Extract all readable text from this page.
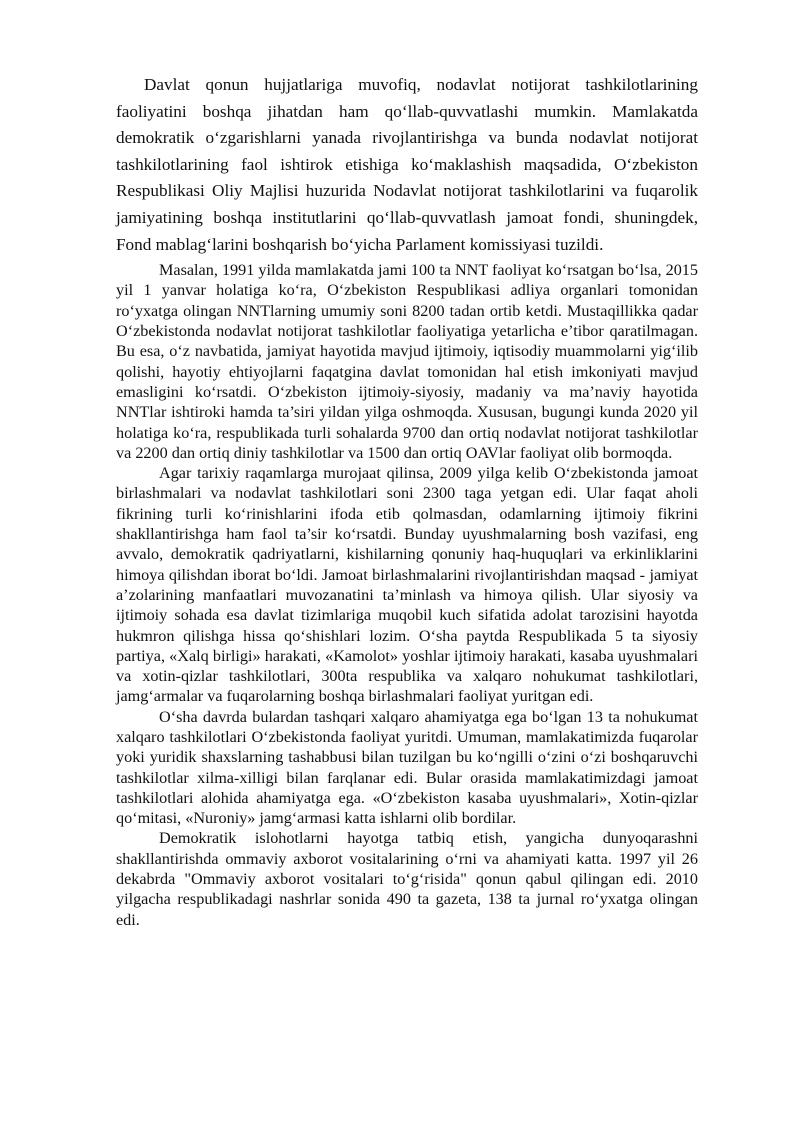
Davlat qonun hujjatlariga muvofiq, nodavlat notijorat tashkilotlarining faoliyatini boshqa jihatdan ham qo‘llab-quvvatlashi mumkin. Mamlakatda demokratik o‘zgarishlarni yanada rivojlantirishga va bunda nodavlat notijorat tashkilotlarining faol ishtirok etishiga ko‘maklashish maqsadida, O‘zbekiston Respublikasi Oliy Majlisi huzurida Nodavlat notijorat tashkilotlarini va fuqarolik jamiyatining boshqa institutlarini qo‘llab-quvvatlash jamoat fondi, shuningdek, Fond mablag‘larini boshqarish bo‘yicha Parlament komissiyasi tuzildi.

Masalan, 1991 yilda mamlakatda jami 100 ta NNT faoliyat ko‘rsatgan bo‘lsa, 2015 yil 1 yanvar holatiga ko‘ra, O‘zbekiston Respublikasi adliya organlari tomonidan ro‘yxatga olingan NNTlarning umumiy soni 8200 tadan ortib ketdi. Mustaqillikka qadar O‘zbekistonda nodavlat notijorat tashkilotlar faoliyatiga yetarlicha e’tibor qaratilmagan. Bu esa, o‘z navbatida, jamiyat hayotida mavjud ijtimoiy, iqtisodiy muammolarni yig‘ilib qolishi, hayotiy ehtiyojlarni faqatgina davlat tomonidan hal etish imkoniyati mavjud emasligini ko‘rsatdi. O‘zbekiston ijtimoiy-siyosiy, madaniy va ma’naviy hayotida NNTlar ishtiroki hamda ta’siri yildan yilga oshmoqda. Xususan, bugungi kunda 2020 yil holatiga ko‘ra, respublikada turli sohalarda 9700 dan ortiq nodavlat notijorat tashkilotlar va 2200 dan ortiq diniy tashkilotlar va 1500 dan ortiq OAVlar faoliyat olib bormoqda.

Agar tarixiy raqamlarga murojaat qilinsa, 2009 yilga kelib O‘zbekistonda jamoat birlashmalari va nodavlat tashkilotlari soni 2300 taga yetgan edi. Ular faqat aholi fikrining turli ko‘rinishlarini ifoda etib qolmasdan, odamlarning ijtimoiy fikrini shakllantirishga ham faol ta’sir ko‘rsatdi. Bunday uyushmalarning bosh vazifasi, eng avvalo, demokratik qadriyatlarni, kishilarning qonuniy haq-huquqlari va erkinliklarini himoya qilishdan iborat bo‘ldi. Jamoat birlashmalarini rivojlantirishdan maqsad - jamiyat a’zolarining manfaatlari muvozanatini ta’minlash va himoya qilish. Ular siyosiy va ijtimoiy sohada esa davlat tizimlariga muqobil kuch sifatida adolat tarozisini hayotda hukmron qilishga hissa qo‘shishlari lozim. O‘sha paytda Respublikada 5 ta siyosiy partiya, «Xalq birligi» harakati, «Kamolot» yoshlar ijtimoiy harakati, kasaba uyushmalari va xotin-qizlar tashkilotlari, 300ta respublika va xalqaro nohukumat tashkilotlari, jamg‘armalar va fuqarolarning boshqa birlashmalari faoliyat yuritgan edi.

O‘sha davrda bulardan tashqari xalqaro ahamiyatga ega bo‘lgan 13 ta nohukumat xalqaro tashkilotlari O‘zbekistonda faoliyat yuritdi. Umuman, mamlakatimizda fuqarolar yoki yuridik shaxslarning tashabbusi bilan tuzilgan bu ko‘ngilli o‘zini o‘zi boshqaruvchi tashkilotlar xilma-xilligi bilan farqlanar edi. Bular orasida mamlakatimizdagi jamoat tashkilotlari alohida ahamiyatga ega. «O‘zbekiston kasaba uyushmalari», Xotin-qizlar qo‘mitasi, «Nuroniy» jamg‘armasi katta ishlarni olib bordilar.

Demokratik islohotlarni hayotga tatbiq etish, yangicha dunyoqarashni shakllantirishda ommaviy axborot vositalarining o‘rni va ahamiyati katta. 1997 yil 26 dekabrda "Ommaviy axborot vositalari to‘g‘risida" qonun qabul qilingan edi. 2010 yilgacha respublikadagi nashrlar sonida 490 ta gazeta, 138 ta jurnal ro‘yxatga olingan edi.
